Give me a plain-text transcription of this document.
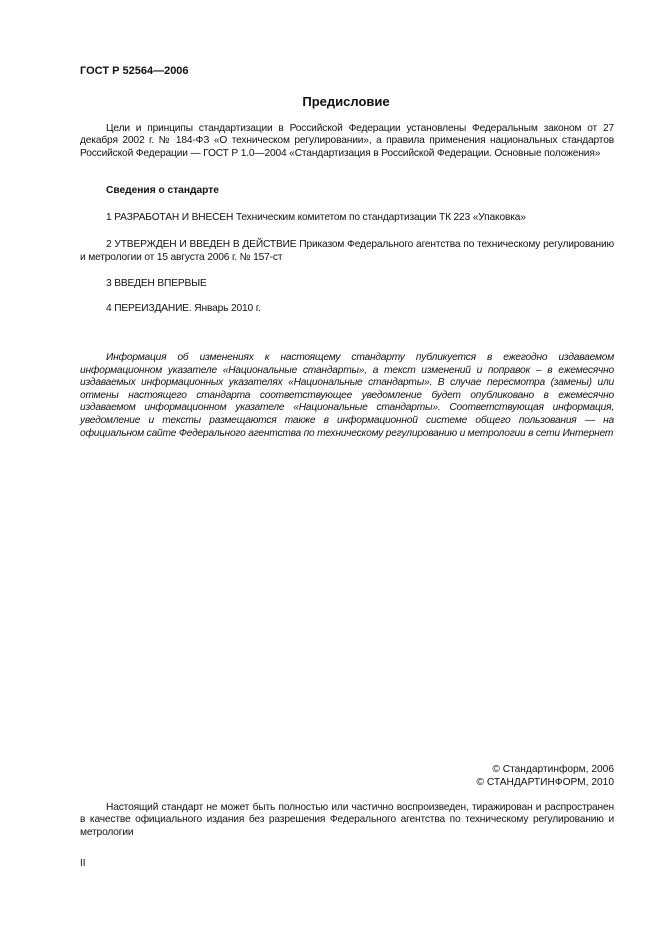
ГОСТ Р 52564—2006
Предисловие
Цели и принципы стандартизации в Российской Федерации установлены Федеральным законом от 27 декабря 2002 г. № 184-ФЗ «О техническом регулировании», а правила применения национальных стандартов Российской Федерации — ГОСТ Р 1.0—2004 «Стандартизация в Российской Федерации. Основные положения»
Сведения о стандарте
1 РАЗРАБОТАН И ВНЕСЕН Техническим комитетом по стандартизации ТК 223 «Упаковка»
2 УТВЕРЖДЕН И ВВЕДЕН В ДЕЙСТВИЕ Приказом Федерального агентства по техническому регулированию и метрологии от 15 августа 2006 г. № 157-ст
3 ВВЕДЕН ВПЕРВЫЕ
4 ПЕРЕИЗДАНИЕ. Январь 2010 г.
Информация об изменениях к настоящему стандарту публикуется в ежегодно издаваемом информационном указателе «Национальные стандарты», а текст изменений и поправок – в ежемесячно издаваемых информационных указателях «Национальные стандарты». В случае пересмотра (замены) или отмены настоящего стандарта соответствующее уведомление будет опубликовано в ежемесячно издаваемом информационном указателе «Национальные стандарты». Соответствующая информация, уведомление и тексты размещаются также в информационной системе общего пользования — на официальном сайте Федерального агентства по техническому регулированию и метрологии в сети Интернет
© Стандартинформ, 2006
© СТАНДАРТИНФОРМ, 2010
Настоящий стандарт не может быть полностью или частично воспроизведен, тиражирован и распространен в качестве официального издания без разрешения Федерального агентства по техническому регулированию и метрологии
II
